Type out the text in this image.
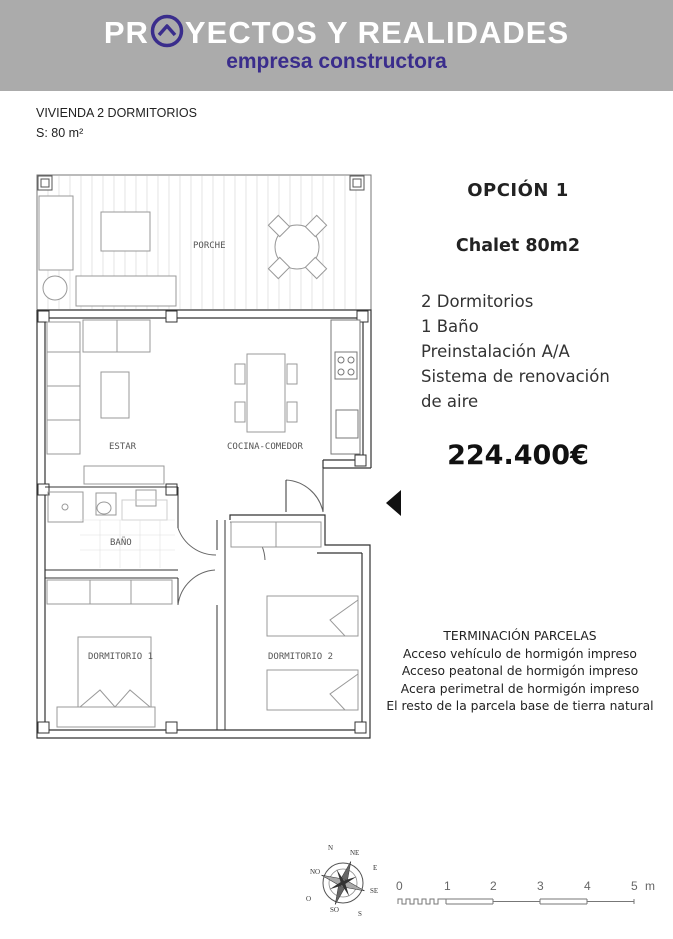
PR YECTOS Y REALIDADES
empresa constructora
VIVIENDA 2 DORMITORIOS
S: 80 m²
PORCHE
ESTAR	COCINA-COMEDOR
BAÑO
DORMITORIO 1	DORMITORIO 2
OPCIÓN 1
Chalet 80m2
2 Dormitorios
1 Baño
Preinstalación A/A
Sistema de renovación
de aire
224.400€
TERMINACIÓN PARCELAS
Acceso vehículo de hormigón impreso
Acceso peatonal de hormigón impreso
Acera perimetral de hormigón impreso
El resto de la parcela base de tierra natural
N
NE
E
SE
S
SO
O
NO
0	1	2	3	4	5 m
